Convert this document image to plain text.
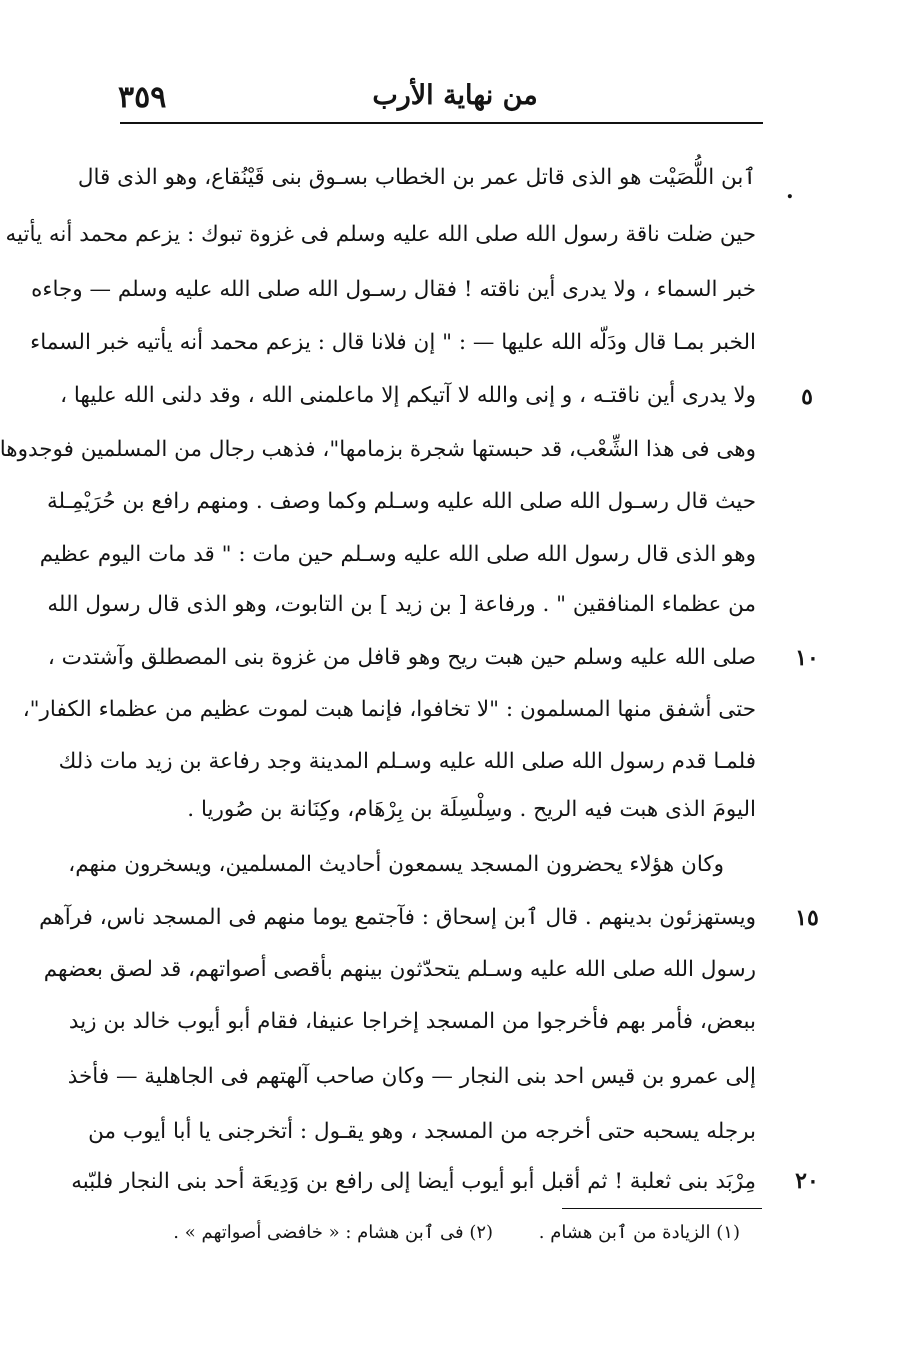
٣٥٩	من نهاية الأرب
ٱبن اللُّصَيْت هو الذى قاتل عمر بن الخطاب بسـوق بنى قَيْنُقاع، وهو الذى قال
حين ضلت ناقة رسول الله صلى الله عليه وسلم فى غزوة تبوك : يزعم محمد أنه يأتيه
خبر السماء ، ولا يدرى أين ناقته ! فقال رسـول الله صلى الله عليه وسلم — وجاءه
الخبر بمـا قال ودَلّه الله عليها — : " إن فلانا قال : يزعم محمد أنه يأتيه خبر السماء
ولا يدرى أين ناقتـه ، و إنى والله لا آتيكم إلا ماعلمنى الله ، وقد دلنى الله عليها ،
وهى فى هذا الشِّعْب، قد حبستها شجرة بزمامها"، فذهب رجال من المسلمين فوجدوها
حيث قال رسـول الله صلى الله عليه وسـلم وكما وصف . ومنهم رافع بن حُرَيْمِـلة
وهو الذى قال رسول الله صلى الله عليه وسـلم حين مات : " قد مات اليوم عظيم
من عظماء المنافقين " . ورفاعة [ بن زيد ] بن التابوت، وهو الذى قال رسول الله
صلى الله عليه وسلم حين هبت ريح وهو قافل من غزوة بنى المصطلق وآشتدت ،
حتى أشفق منها المسلمون : "لا تخافوا، فإنما هبت لموت عظيم من عظماء الكفار"،
فلمـا قدم رسول الله صلى الله عليه وسـلم المدينة وجد رفاعة بن زيد مات ذلك
اليومَ الذى هبت فيه الريح . وسِلْسِلَة بن بِرْهَام، وكِنَانة بن صُوريا .
وكان هؤلاء يحضرون المسجد يسمعون أحاديث المسلمين، ويسخرون منهم،
ويستهزئون بدينهم . قال ٱبن إسحاق : فآجتمع يوما منهم فى المسجد ناس، فرآهم
رسول الله صلى الله عليه وسـلم يتحدّثون بينهم بأقصى أصواتهم، قد لصق بعضهم
ببعض، فأمر بهم فأخرجوا من المسجد إخراجا عنيفا، فقام أبو أيوب خالد بن زيد
إلى عمرو بن قيس احد بنى النجار — وكان صاحب آلهتهم فى الجاهلية — فأخذ
برجله يسحبه حتى أخرجه من المسجد ، وهو يقـول : أتخرجنى يا أبا أيوب من
مِرْبَد بنى ثعلبة ! ثم أقبل أبو أيوب أيضا إلى رافع بن وَدِيعَة أحد بنى النجار فلبّبه
.
٥
١٠
١٥
٢٠
(١) الزيادة من ٱبن هشام . (٢) فى ٱبن هشام : « خافضى أصواتهم » .
